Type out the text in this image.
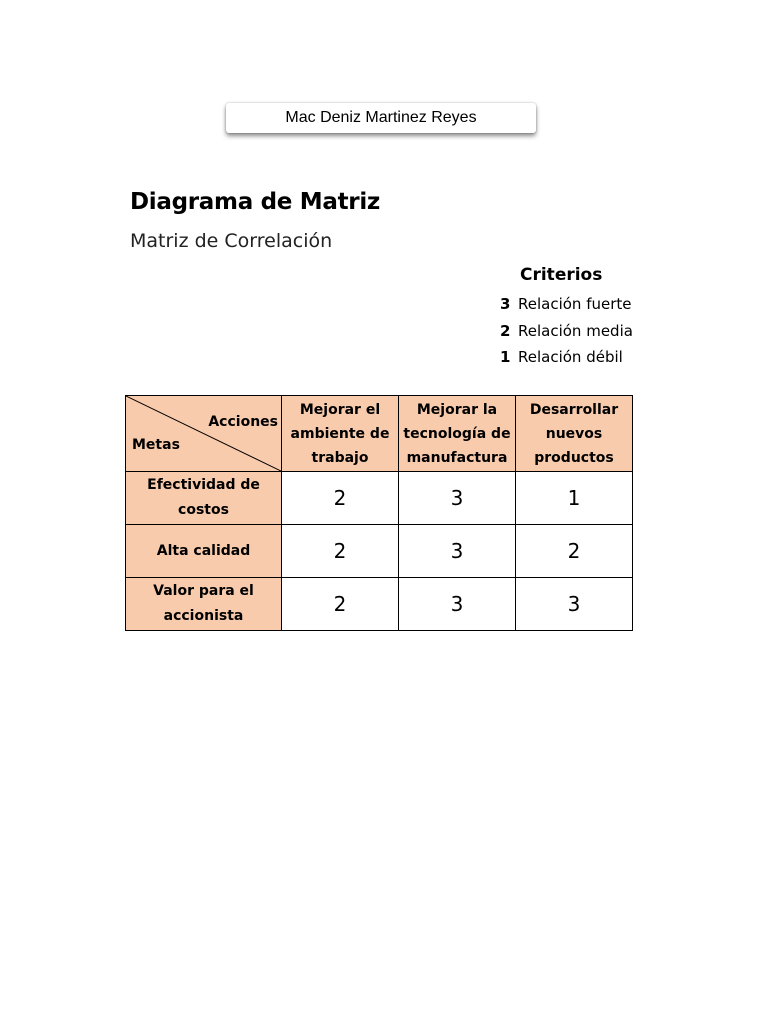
Mac Deniz Martinez Reyes
Diagrama de Matriz
Matriz de Correlación
Criterios
3 Relación fuerte
2 Relación media
1 Relación débil
Acciones
Metas	Mejorar el ambiente de trabajo	Mejorar la tecnología de manufactura	Desarrollar nuevos productos
Efectividad de costos	2	3	1
Alta calidad	2	3	2
Valor para el accionista	2	3	3
